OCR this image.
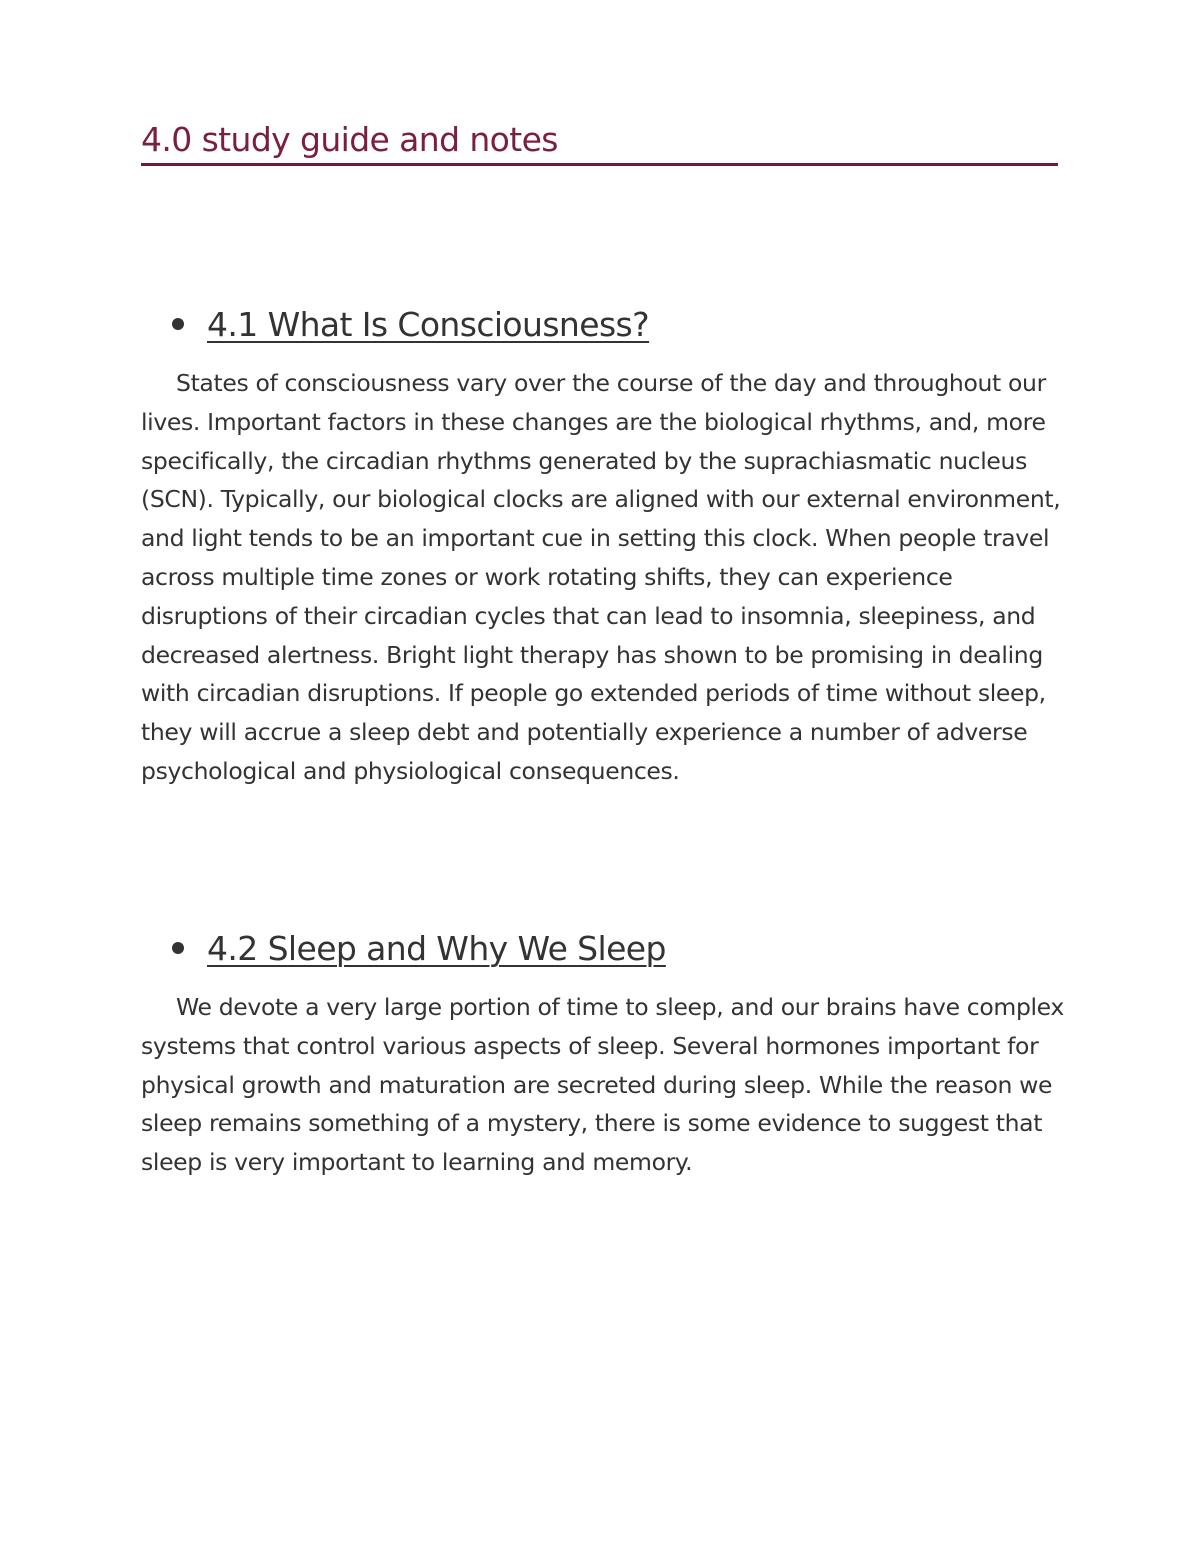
4.0 study guide and notes
4.1 What Is Consciousness?

States of consciousness vary over the course of the day and throughout our lives. Important factors in these changes are the biological rhythms, and, more specifically, the circadian rhythms generated by the suprachiasmatic nucleus (SCN). Typically, our biological clocks are aligned with our external environment, and light tends to be an important cue in setting this clock. When people travel across multiple time zones or work rotating shifts, they can experience disruptions of their circadian cycles that can lead to insomnia, sleepiness, and decreased alertness. Bright light therapy has shown to be promising in dealing with circadian disruptions. If people go extended periods of time without sleep, they will accrue a sleep debt and potentially experience a number of adverse psychological and physiological consequences.

4.2 Sleep and Why We Sleep

We devote a very large portion of time to sleep, and our brains have complex systems that control various aspects of sleep. Several hormones important for physical growth and maturation are secreted during sleep. While the reason we sleep remains something of a mystery, there is some evidence to suggest that sleep is very important to learning and memory.
